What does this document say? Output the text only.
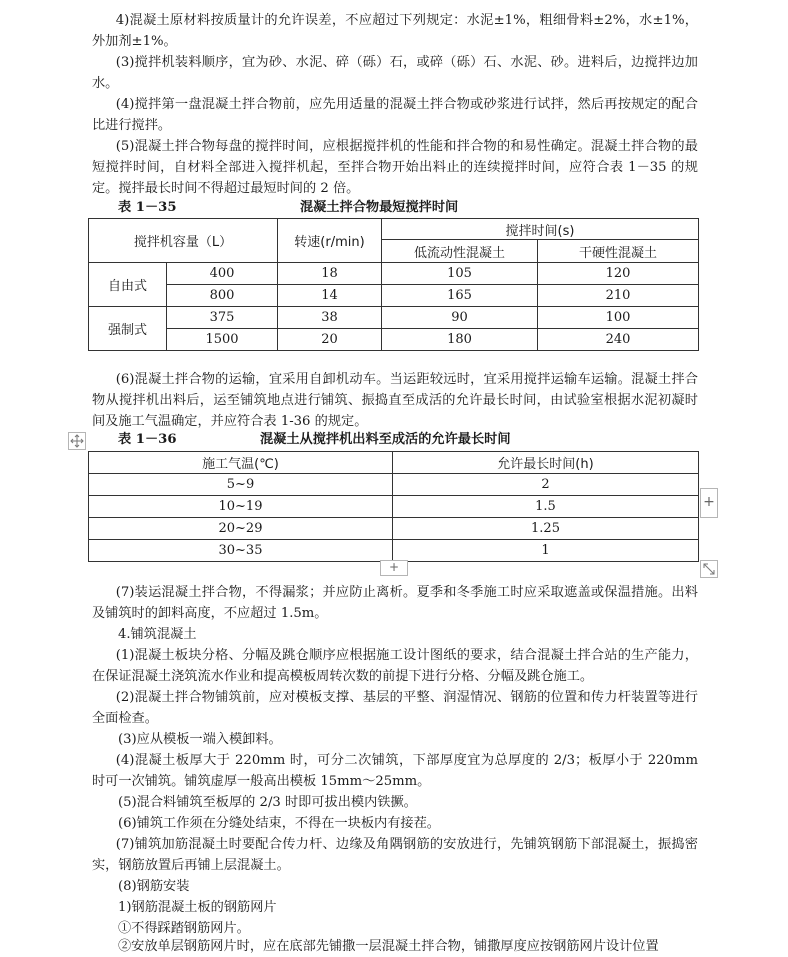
4)混凝土原材料按质量计的允许误差，不应超过下列规定：水泥±1%，粗细骨料±2%，水±1%，外加剂±1%。

(3)搅拌机装料顺序，宜为砂、水泥、碎（砾）石，或碎（砾）石、水泥、砂。进料后，边搅拌边加水。

(4)搅拌第一盘混凝土拌合物前，应先用适量的混凝土拌合物或砂浆进行试拌，然后再按规定的配合比进行搅拌。

(5)混凝土拌合物每盘的搅拌时间，应根据搅拌机的性能和拌合物的和易性确定。混凝土拌合物的最短搅拌时间，自材料全部进入搅拌机起，至拌合物开始出料止的连续搅拌时间，应符合表 1－35 的规定。搅拌最长时间不得超过最短时间的 2 倍。

表 1－35	混凝土拌合物最短搅拌时间
搅拌机容量（L）		转速(r/min)	搅拌时间(s)	
			低流动性混凝土	干硬性混凝土
自由式	400	18	105	120
	800	14	165	210
强制式	375	38	90	100
	1500	20	180	240

(6)混凝土拌合物的运输，宜采用自卸机动车。当运距较远时，宜采用搅拌运输车运输。混凝土拌合物从搅拌机出料后，运至铺筑地点进行铺筑、振捣直至成活的允许最长时间，由试验室根据水泥初凝时间及施工气温确定，并应符合表 1-36 的规定。

表 1－36	混凝土从搅拌机出料至成活的允许最长时间
施工气温(℃)	允许最长时间(h)
5~9	2
10~19	1.5
20~29	1.25
30~35	1
+
+

(7)装运混凝土拌合物，不得漏浆；并应防止离析。夏季和冬季施工时应采取遮盖或保温措施。出料及铺筑时的卸料高度，不应超过 1.5m。

4.铺筑混凝土

(1)混凝土板块分格、分幅及跳仓顺序应根据施工设计图纸的要求，结合混凝土拌合站的生产能力，在保证混凝土浇筑流水作业和提高模板周转次数的前提下进行分格、分幅及跳仓施工。

(2)混凝土拌合物铺筑前，应对模板支撑、基层的平整、润湿情况、钢筋的位置和传力杆装置等进行全面检查。

(3)应从模板一端入模卸料。

(4)混凝土板厚大于 220mm 时，可分二次铺筑，下部厚度宜为总厚度的 2/3；板厚小于 220mm 时可一次铺筑。铺筑虚厚一般高出模板 15mm～25mm。

(5)混合料铺筑至板厚的 2/3 时即可拔出模内铁撅。

(6)铺筑工作须在分缝处结束，不得在一块板内有接茬。

(7)铺筑加筋混凝土时要配合传力杆、边缘及角隅钢筋的安放进行，先铺筑钢筋下部混凝土，振捣密实，钢筋放置后再铺上层混凝土。

(8)钢筋安装

1)钢筋混凝土板的钢筋网片

①不得踩踏钢筋网片。

②安放单层钢筋网片时，应在底部先铺撒一层混凝土拌合物，铺撒厚度应按钢筋网片设计位置
